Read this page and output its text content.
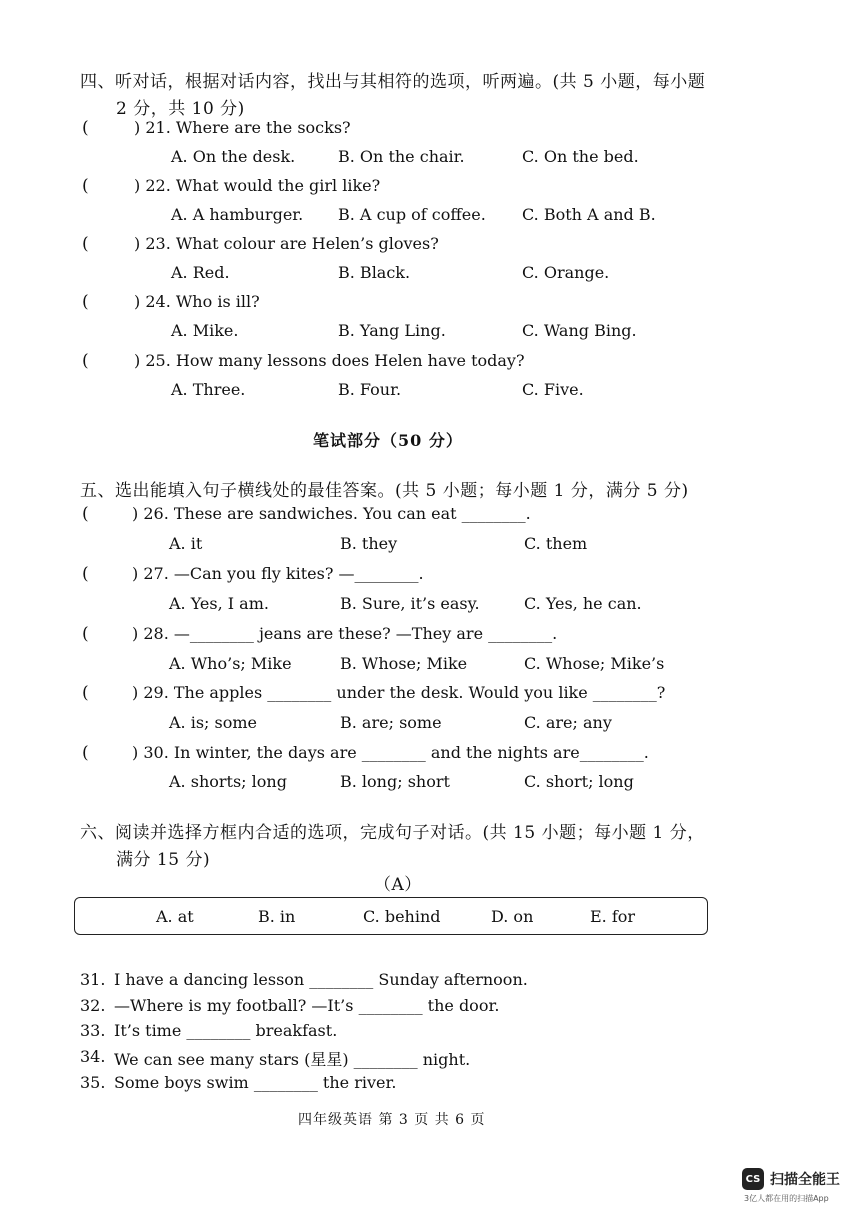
四、听对话，根据对话内容，找出与其相符的选项，听两遍。(共 5 小题，每小题
2 分，共 10 分)
(	) 21. Where are the socks?
A. On the desk.	B. On the chair.	C. On the bed.
(	) 22. What would the girl like?
A. A hamburger. B. A cup of coffee. C. Both A and B.
(	) 23. What colour are Helen’s gloves?
A. Red.	B. Black.	C. Orange.
(	) 24. Who is ill?
A. Mike.	B. Yang Ling.	C. Wang Bing.
(	) 25. How many lessons does Helen have today?
A. Three.	B. Four.	C. Five.
笔试部分（50 分）
五、选出能填入句子横线处的最佳答案。(共 5 小题；每小题 1 分，满分 5 分)
(	) 26. These are sandwiches. You can eat ________.
A. it	B. they	C. them
(	) 27. —Can you fly kites? —________.
A. Yes, I am.	B. Sure, it’s easy.	C. Yes, he can.
(	) 28. —________ jeans are these? —They are ________.
A. Who’s; Mike	B. Whose; Mike	C. Whose; Mike’s
(	) 29. The apples ________ under the desk. Would you like ________?
A. is; some	B. are; some	C. are; any
(	) 30. In winter, the days are ________ and the nights are________.
A. shorts; long	B. long; short	C. short; long
六、阅读并选择方框内合适的选项，完成句子对话。(共 15 小题；每小题 1 分，
满分 15 分)
（A）
A. at	B. in	C. behind	D. on	E. for
31. I have a dancing lesson ________ Sunday afternoon.
32. —Where is my football? —It’s ________ the door.
33. It’s time ________ breakfast.
34. We can see many stars (星星) ________ night.
35. Some boys swim ________ the river.
四年级英语 第 3 页 共 6 页
CS 扫描全能王
3亿人都在用的扫描App
